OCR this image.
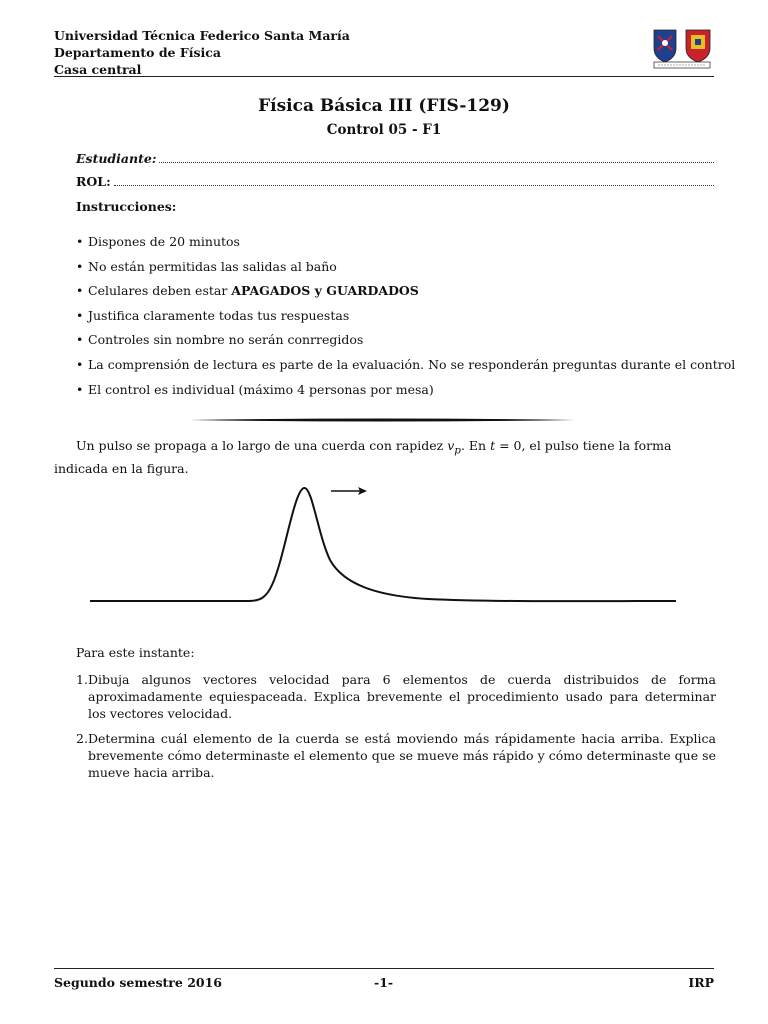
Universidad Técnica Federico Santa María
Departamento de Física
Casa central
Física Básica III (FIS-129)
Control 05 - F1
Estudiante:
ROL:
Instrucciones:
• Dispones de 20 minutos
• No están permitidas las salidas al baño
• Celulares deben estar APAGADOS y GUARDADOS
• Justifica claramente todas tus respuestas
• Controles sin nombre no serán conrregidos
• La comprensión de lectura es parte de la evaluación. No se responderán preguntas durante el control
• El control es individual (máximo 4 personas por mesa)
Un pulso se propaga a lo largo de una cuerda con rapidez $v_p$. En t = 0, el pulso tiene la forma indicada en la figura.
Para este instante:
1. Dibuja algunos vectores velocidad para 6 elementos de cuerda distribuidos de forma aproximadamente equiespaceada. Explica brevemente el procedimiento usado para determinar los vectores velocidad.
2. Determina cuál elemento de la cuerda se está moviendo más rápidamente hacia arriba. Explica brevemente cómo determinaste el elemento que se mueve más rápido y cómo determinaste que se mueve hacia arriba.
Segundo semestre 2016	-1-	IRP
